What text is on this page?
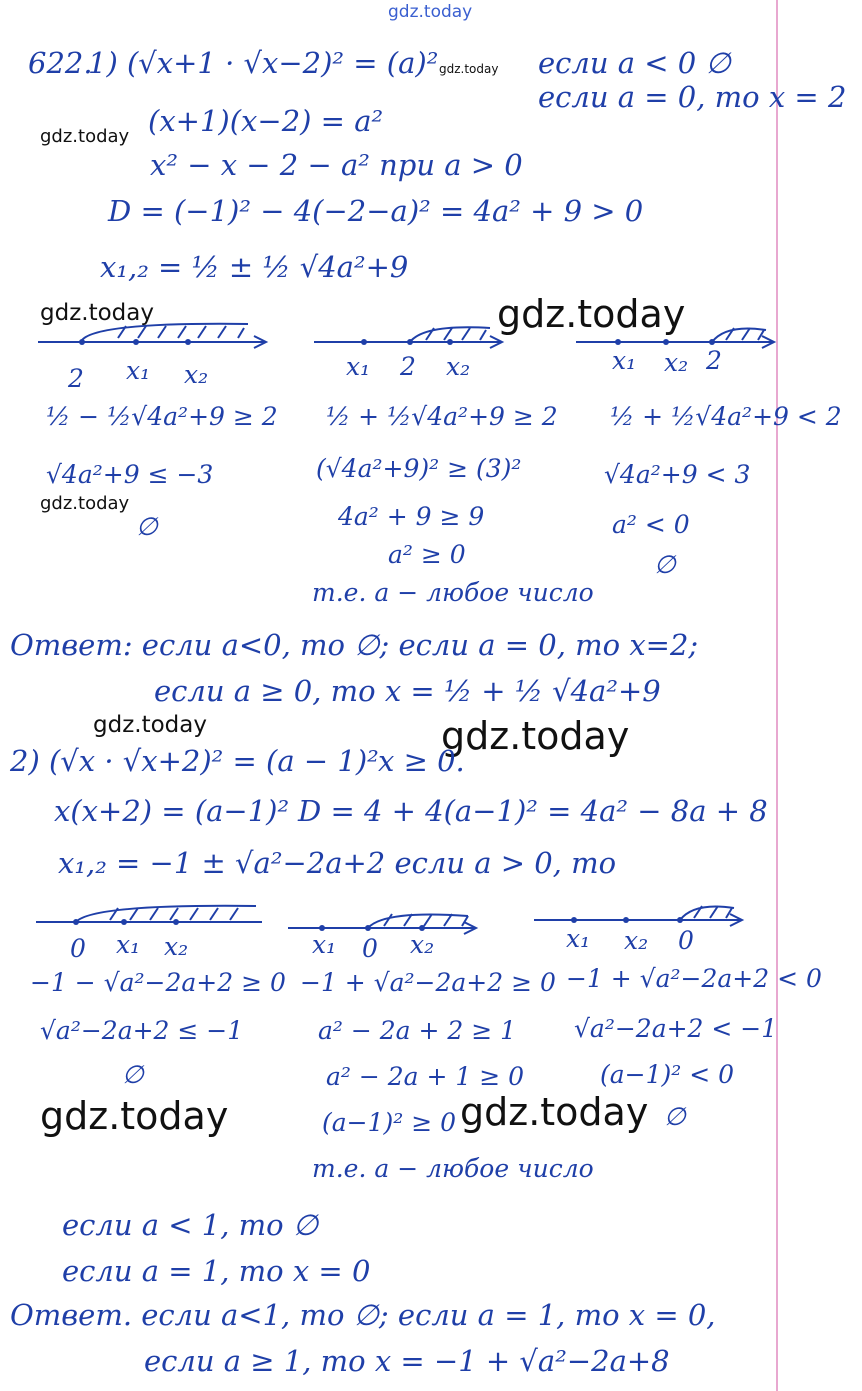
gdz.today
gdz.today
gdz.today
gdz.today	gdz.today
gdz.today
gdz.today	gdz.today
gdz.today	gdz.today
622.
1) (√x+1 · √x−2)² = (a)²	если a < 0 ∅
если a = 0, то x = 2
(x+1)(x−2) = a²
x² − x − 2 − a² при a > 0
D = (−1)² − 4(−2−a)² = 4a² + 9 > 0
x₁,₂ = ½ ± ½ √4a²+9
2 x₁ x₂	x₁ 2 x₂	x₁ x₂ 2
½ − ½√4a²+9 ≥ 2
√4a²+9 ≤ −3
∅
½ + ½√4a²+9 ≥ 2
(√4a²+9)² ≥ (3)²
4a² + 9 ≥ 9
a² ≥ 0
т.е. a − любое число
½ + ½√4a²+9 < 2
√4a²+9 < 3
a² < 0
∅
Ответ: если a<0, то ∅; если a = 0, то x=2;
если a ≥ 0, то x = ½ + ½ √4a²+9
2) (√x · √x+2)² = (a − 1)² x ≥ 0.
x(x+2) = (a−1)² D = 4 + 4(a−1)² = 4a² − 8a + 8
x₁,₂ = −1 ± √a²−2a+2 если a > 0, то
0 x₁ x₂	x₁ 0 x₂	x₁ x₂ 0
−1 − √a²−2a+2 ≥ 0
√a²−2a+2 ≤ −1
∅
−1 + √a²−2a+2 ≥ 0
a² − 2a + 2 ≥ 1
a² − 2a + 1 ≥ 0
(a−1)² ≥ 0
т.е. a − любое число
−1 + √a²−2a+2 < 0
√a²−2a+2 < −1
(a−1)² < 0
∅
если a < 1, то ∅
если a = 1, то x = 0
Ответ. если a<1, то ∅; если a = 1, то x = 0,
если a ≥ 1, то x = −1 + √a²−2a+8
